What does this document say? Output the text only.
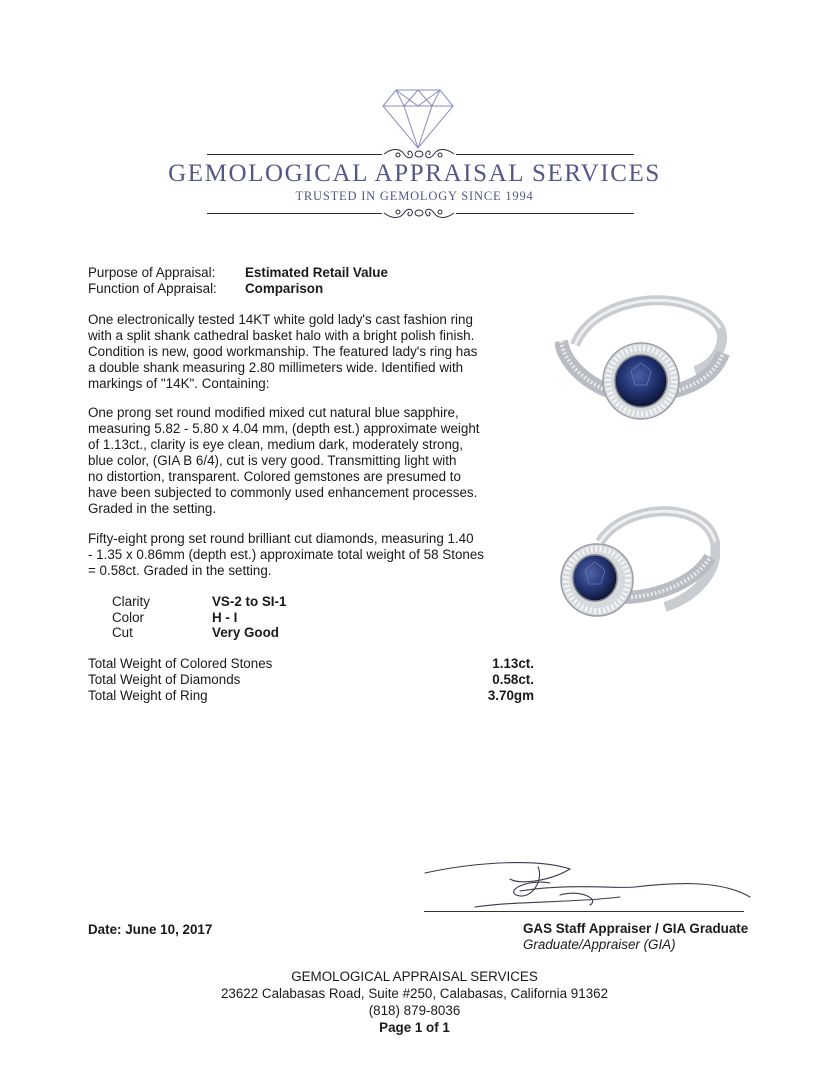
GEMOLOGICAL APPRAISAL SERVICES
TRUSTED IN GEMOLOGY SINCE 1994
Purpose of Appraisal: Estimated Retail Value
Function of Appraisal: Comparison
One electronically tested 14KT white gold lady's cast fashion ring
with a split shank cathedral basket halo with a bright polish finish.
Condition is new, good workmanship. The featured lady's ring has
a double shank measuring 2.80 millimeters wide. Identified with
markings of "14K". Containing:
One prong set round modified mixed cut natural blue sapphire,
measuring 5.82 - 5.80 x 4.04 mm, (depth est.) approximate weight
of 1.13ct., clarity is eye clean, medium dark, moderately strong,
blue color, (GIA B 6/4), cut is very good. Transmitting light with
no distortion, transparent. Colored gemstones are presumed to
have been subjected to commonly used enhancement processes.
Graded in the setting.
Fifty-eight prong set round brilliant cut diamonds, measuring 1.40
- 1.35 x 0.86mm (depth est.) approximate total weight of 58 Stones
= 0.58ct. Graded in the setting.
Clarity	VS-2 to SI-1
Color	H - I
Cut	Very Good
Total Weight of Colored Stones	1.13ct.
Total Weight of Diamonds	0.58ct.
Total Weight of Ring	3.70gm
Date: June 10, 2017	GAS Staff Appraiser / GIA Graduate
Graduate/Appraiser (GIA)
GEMOLOGICAL APPRAISAL SERVICES
23622 Calabasas Road, Suite #250, Calabasas, California 91362
(818) 879-8036
Page 1 of 1
